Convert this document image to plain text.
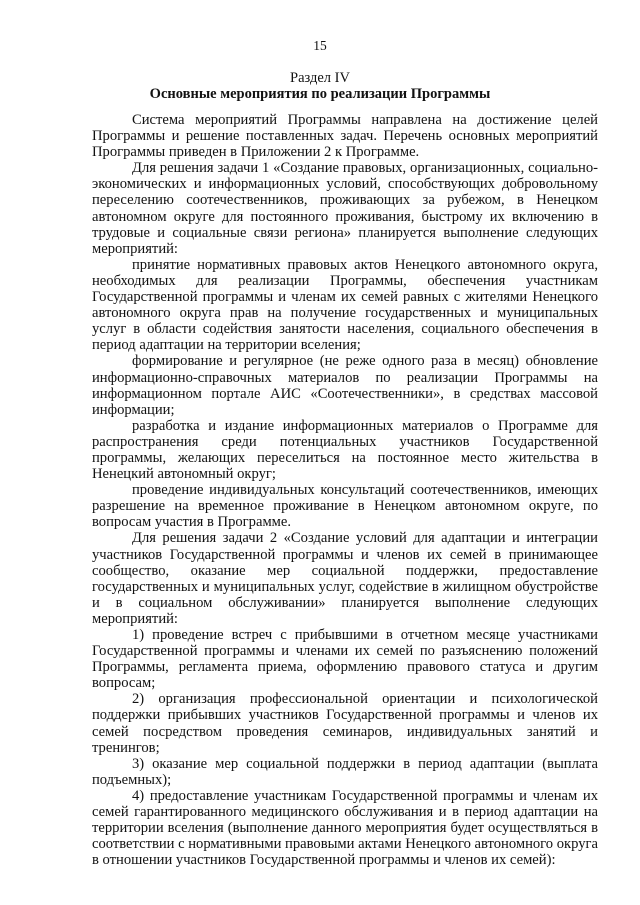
15
Раздел IV
Основные мероприятия по реализации Программы

Система мероприятий Программы направлена на достижение целей Программы и решение поставленных задач. Перечень основных мероприятий Программы приведен в Приложении 2 к Программе.

Для решения задачи 1 «Создание правовых, организационных, социально-экономических и информационных условий, способствующих добровольному переселению соотечественников, проживающих за рубежом, в Ненецком автономном округе для постоянного проживания, быстрому их включению в трудовые и социальные связи региона» планируется выполнение следующих мероприятий:

принятие нормативных правовых актов Ненецкого автономного округа, необходимых для реализации Программы, обеспечения участникам Государственной программы и членам их семей равных с жителями Ненецкого автономного округа прав на получение государственных и муниципальных услуг в области содействия занятости населения, социального обеспечения в период адаптации на территории вселения;

формирование и регулярное (не реже одного раза в месяц) обновление информационно-справочных материалов по реализации Программы на информационном портале АИС «Соотечественники», в средствах массовой информации;

разработка и издание информационных материалов о Программе для распространения среди потенциальных участников Государственной программы, желающих переселиться на постоянное место жительства в Ненецкий автономный округ;

проведение индивидуальных консультаций соотечественников, имеющих разрешение на временное проживание в Ненецком автономном округе, по вопросам участия в Программе.

Для решения задачи 2 «Создание условий для адаптации и интеграции участников Государственной программы и членов их семей в принимающее сообщество, оказание мер социальной поддержки, предоставление государственных и муниципальных услуг, содействие в жилищном обустройстве и в социальном обслуживании» планируется выполнение следующих мероприятий:

1) проведение встреч с прибывшими в отчетном месяце участниками Государственной программы и членами их семей по разъяснению положений Программы, регламента приема, оформлению правового статуса и другим вопросам;

2) организация профессиональной ориентации и психологической поддержки прибывших участников Государственной программы и членов их семей посредством проведения семинаров, индивидуальных занятий и тренингов;

3) оказание мер социальной поддержки в период адаптации (выплата подъемных);

4) предоставление участникам Государственной программы и членам их семей гарантированного медицинского обслуживания и в период адаптации на территории вселения (выполнение данного мероприятия будет осуществляться в соответствии с нормативными правовыми актами Ненецкого автономного округа в отношении участников Государственной программы и членов их семей):
